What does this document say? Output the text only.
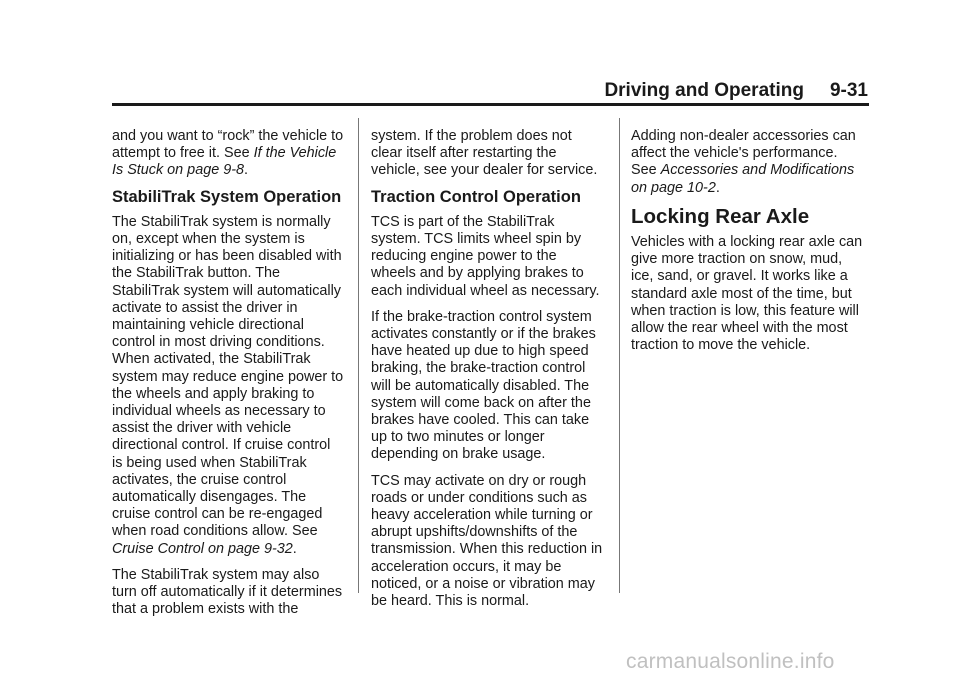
Driving and Operating 9-31

and you want to “rock” the vehicle to
attempt to free it. See If the Vehicle
Is Stuck on page 9-8.

StabiliTrak System Operation

The StabiliTrak system is normally
on, except when the system is
initializing or has been disabled with
the StabiliTrak button. The
StabiliTrak system will automatically
activate to assist the driver in
maintaining vehicle directional
control in most driving conditions.
When activated, the StabiliTrak
system may reduce engine power to
the wheels and apply braking to
individual wheels as necessary to
assist the driver with vehicle
directional control. If cruise control
is being used when StabiliTrak
activates, the cruise control
automatically disengages. The
cruise control can be re-engaged
when road conditions allow. See
Cruise Control on page 9-32.

The StabiliTrak system may also
turn off automatically if it determines
that a problem exists with the

system. If the problem does not
clear itself after restarting the
vehicle, see your dealer for service.

Traction Control Operation

TCS is part of the StabiliTrak
system. TCS limits wheel spin by
reducing engine power to the
wheels and by applying brakes to
each individual wheel as necessary.

If the brake-traction control system
activates constantly or if the brakes
have heated up due to high speed
braking, the brake-traction control
will be automatically disabled. The
system will come back on after the
brakes have cooled. This can take
up to two minutes or longer
depending on brake usage.

TCS may activate on dry or rough
roads or under conditions such as
heavy acceleration while turning or
abrupt upshifts/downshifts of the
transmission. When this reduction in
acceleration occurs, it may be
noticed, or a noise or vibration may
be heard. This is normal.

Adding non-dealer accessories can
affect the vehicle's performance.
See Accessories and Modifications
on page 10-2.

Locking Rear Axle

Vehicles with a locking rear axle can
give more traction on snow, mud,
ice, sand, or gravel. It works like a
standard axle most of the time, but
when traction is low, this feature will
allow the rear wheel with the most
traction to move the vehicle.

carmanualsonline.info
